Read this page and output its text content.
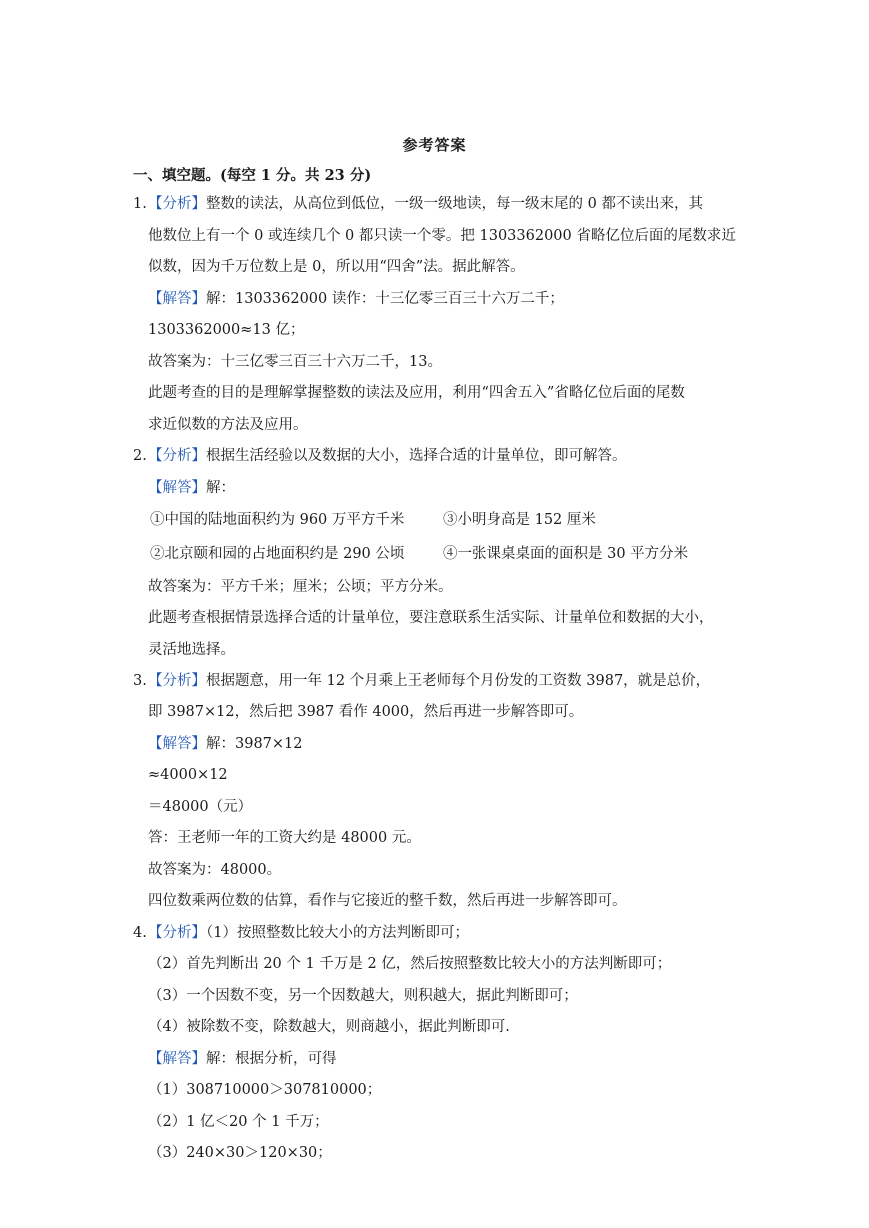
参考答案
一、填空题。(每空 1 分。共 23 分)
1.【分析】整数的读法，从高位到低位，一级一级地读，每一级末尾的 0 都不读出来，其
他数位上有一个 0 或连续几个 0 都只读一个零。把 1303362000 省略亿位后面的尾数求近
似数，因为千万位数上是 0，所以用“四舍”法。据此解答。
【解答】解：1303362000 读作：十三亿零三百三十六万二千；
1303362000≈13 亿；
故答案为：十三亿零三百三十六万二千，13。
此题考查的目的是理解掌握整数的读法及应用，利用“四舍五入”省略亿位后面的尾数
求近似数的方法及应用。
2.【分析】根据生活经验以及数据的大小，选择合适的计量单位，即可解答。
【解答】解：
①中国的陆地面积约为 960 万平方千米	③小明身高是 152 厘米
②北京颐和园的占地面积约是 290 公顷	④一张课桌桌面的面积是 30 平方分米
故答案为：平方千米；厘米；公顷；平方分米。
此题考查根据情景选择合适的计量单位，要注意联系生活实际、计量单位和数据的大小，
灵活地选择。
3.【分析】根据题意，用一年 12 个月乘上王老师每个月份发的工资数 3987，就是总价，
即 3987×12，然后把 3987 看作 4000，然后再进一步解答即可。
【解答】解：3987×12
≈4000×12
＝48000（元）
答：王老师一年的工资大约是 48000 元。
故答案为：48000。
四位数乘两位数的估算，看作与它接近的整千数，然后再进一步解答即可。
4.【分析】（1）按照整数比较大小的方法判断即可；
（2）首先判断出 20 个 1 千万是 2 亿，然后按照整数比较大小的方法判断即可；
（3）一个因数不变，另一个因数越大，则积越大，据此判断即可；
（4）被除数不变，除数越大，则商越小，据此判断即可.
【解答】解：根据分析，可得
（1）308710000＞307810000；
（2）1 亿＜20 个 1 千万；
（3）240×30＞120×30；
